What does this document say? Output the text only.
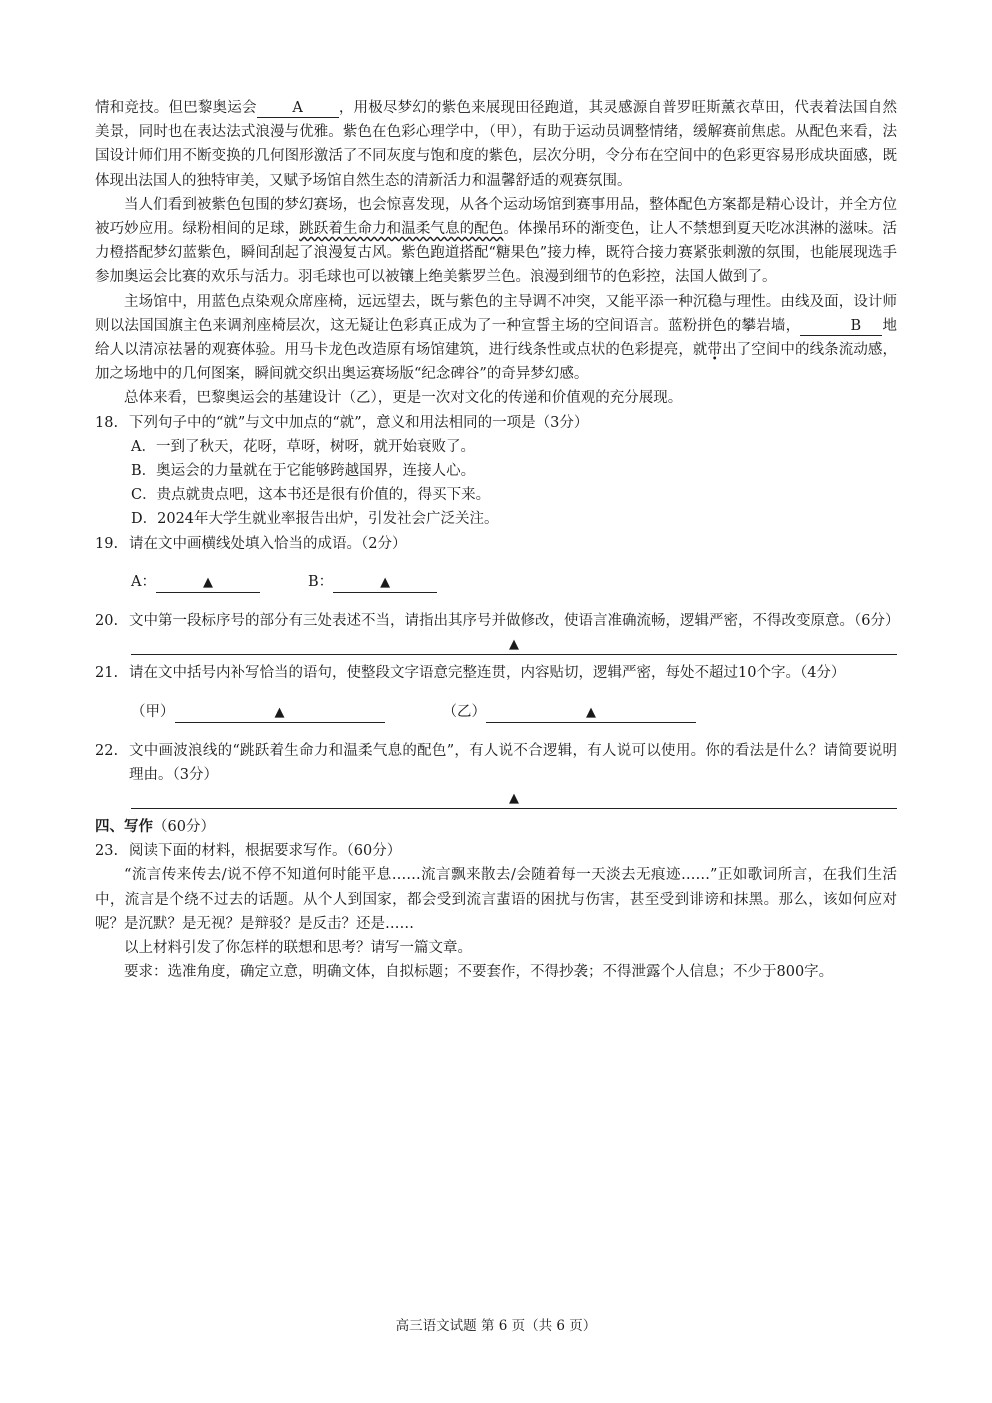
情和竞技。但巴黎奥运会 A ，用极尽梦幻的紫色来展现田径跑道，其灵感源自普罗旺斯薰衣草田，代表着法国自然美景，同时也在表达法式浪漫与优雅。紫色在色彩心理学中，（甲），有助于运动员调整情绪，缓解赛前焦虑。从配色来看，法国设计师们用不断变换的几何图形激活了不同灰度与饱和度的紫色，层次分明，令分布在空间中的色彩更容易形成块面感，既体现出法国人的独特审美，又赋予场馆自然生态的清新活力和温馨舒适的观赛氛围。

当人们看到被紫色包围的梦幻赛场，也会惊喜发现，从各个运动场馆到赛事用品，整体配色方案都是精心设计，并全方位被巧妙应用。绿粉相间的足球，跳跃着生命力和温柔气息的配色。体操吊环的渐变色，让人不禁想到夏天吃冰淇淋的滋味。活力橙搭配梦幻蓝紫色，瞬间刮起了浪漫复古风。紫色跑道搭配“糖果色”接力棒，既符合接力赛紧张刺激的氛围，也能展现选手参加奥运会比赛的欢乐与活力。羽毛球也可以被镶上绝美紫罗兰色。浪漫到细节的色彩控，法国人做到了。

主场馆中，用蓝色点染观众席座椅，远远望去，既与紫色的主导调不冲突，又能平添一种沉稳与理性。由线及面，设计师则以法国国旗主色来调剂座椅层次，这无疑让色彩真正成为了一种宣誓主场的空间语言。蓝粉拼色的攀岩墙，	B 地给人以清凉祛暑的观赛体验。用马卡龙色改造原有场馆建筑，进行线条性或点状的色彩提亮，就带出了空间中的线条流动感，加之场地中的几何图案，瞬间就交织出奥运赛场版“纪念碑谷”的奇异梦幻感。

总体来看，巴黎奥运会的基建设计（乙），更是一次对文化的传递和价值观的充分展现。

18. 下列句子中的“就”与文中加点的“就”，意义和用法相同的一项是（3分）

A．一到了秋天，花呀，草呀，树呀，就开始衰败了。

B．奥运会的力量就在于它能够跨越国界，连接人心。

C．贵点就贵点吧，这本书还是很有价值的，得买下来。

D．2024年大学生就业率报告出炉，引发社会广泛关注。

19. 请在文中画横线处填入恰当的成语。（2分）

A：	▲	B：	▲

20. 文中第一段标序号的部分有三处表述不当，请指出其序号并做修改，使语言准确流畅，逻辑严密，不得改变原意。（6分）
▲
21. 请在文中括号内补写恰当的语句，使整段文字语意完整连贯，内容贴切，逻辑严密，每处不超过10个字。（4分）

（甲）	▲	（乙）	▲

22. 文中画波浪线的“跳跃着生命力和温柔气息的配色”，有人说不合逻辑，有人说可以使用。你的看法是什么？请简要说明理由。（3分）
▲

四、写作（60分）

23. 阅读下面的材料，根据要求写作。（60分）

“流言传来传去/说不停不知道何时能平息……流言飘来散去/会随着每一天淡去无痕迹……”正如歌词所言，在我们生活中，流言是个绕不过去的话题。从个人到国家，都会受到流言蜚语的困扰与伤害，甚至受到诽谤和抹黑。那么，该如何应对呢？是沉默？是无视？是辩驳？是反击？还是……

以上材料引发了你怎样的联想和思考？请写一篇文章。

要求：选准角度，确定立意，明确文体，自拟标题；不要套作，不得抄袭；不得泄露个人信息；不少于800字。

高三语文试题 第 6 页（共 6 页）
